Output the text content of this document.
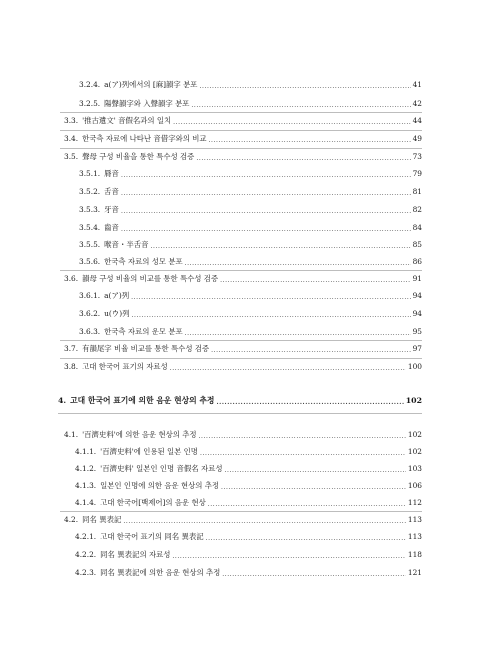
3.2.4. a(ア)列에서의 [麻]韻字 분포 .....	41
3.2.5. 陽聲韻字와 入聲韻字 분포 .....	42
3.3. '推古遺文' 音假名과의 일치 .....	44
3.4. 한국측 자료에 나타난 音借字와의 비교 .....	49
3.5. 聲母 구성 비율을 통한 특수성 검증 .....	73
3.5.1. 脣音 .....	79
3.5.2. 舌音 .....	81
3.5.3. 牙音 .....	82
3.5.4. 齒音 .....	84
3.5.5. 喉音・半舌音 .....	85
3.5.6. 한국측 자료의 성모 분포 .....	86
3.6. 韻母 구성 비율의 비교를 통한 특수성 검증 .....	91
3.6.1. a(ア)列 .....	94
3.6.2. u(ウ)列 .....	94
3.6.3. 한국측 자료의 운모 분포 .....	95
3.7. 有韻尾字 비율 비교를 통한 특수성 검증 .....	97
3.8. 고대 한국어 표기의 자료성 .....	100
4. 고대 한국어 표기에 의한 음운 현상의 추정 .....	102
4.1. '百濟史料'에 의한 음운 현상의 추정 .....	102
4.1.1. '百濟史料'에 인용된 일본 인명 .....	102
4.1.2. '百濟史料' 일본인 인명 音假名 자료성 .....	103
4.1.3. 일본인 인명에 의한 음운 현상의 추정 .....	106
4.1.4. 고대 한국어[백제어]의 음운 현상 .....	112
4.2. 同名 異表記 .....	113
4.2.1. 고대 한국어 표기의 同名 異表記 .....	113
4.2.2. 同名 異表記의 자료성 .....	118
4.2.3. 同名 異表記에 의한 음운 현상의 추정 .....	121
